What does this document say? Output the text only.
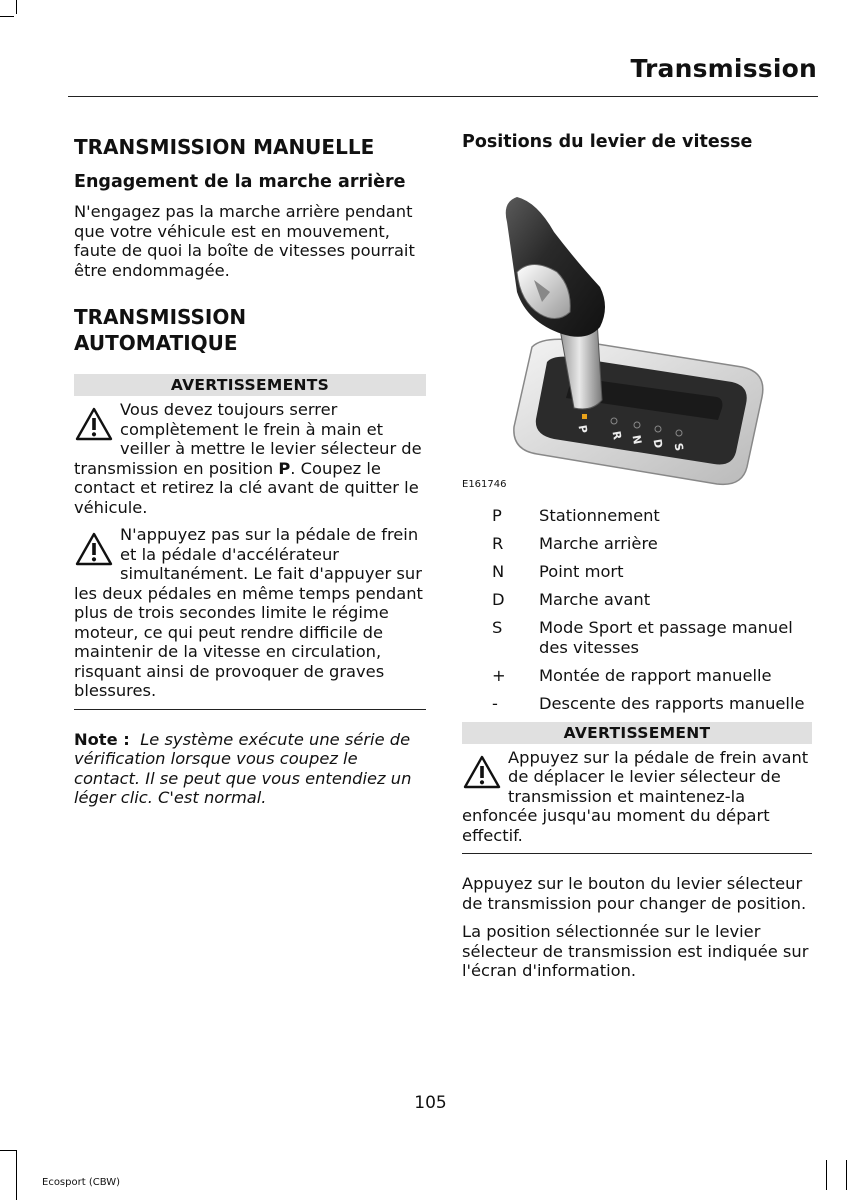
Transmission
TRANSMISSION MANUELLE
Engagement de la marche arrière

N'engagez pas la marche arrière pendant que votre véhicule est en mouvement, faute de quoi la boîte de vitesses pourrait être endommagée.

TRANSMISSION
AUTOMATIQUE
AVERTISSEMENTS
Vous devez toujours serrer complètement le frein à main et veiller à mettre le levier sélecteur de transmission en position P. Coupez le contact et retirez la clé avant de quitter le véhicule.
N'appuyez pas sur la pédale de frein et la pédale d'accélérateur simultanément. Le fait d'appuyer sur les deux pédales en même temps pendant plus de trois secondes limite le régime moteur, ce qui peut rendre difficile de maintenir de la vitesse en circulation, risquant ainsi de provoquer de graves blessures.
Note : Le système exécute une série de vérification lorsque vous coupez le contact. Il se peut que vous entendiez un léger clic. C'est normal.
Positions du levier de vitesse
P
R N D S
E161746
P	Stationnement
R	Marche arrière
N	Point mort
D	Marche avant
S	Mode Sport et passage manuel des vitesses
+	Montée de rapport manuelle
-	Descente des rapports manuelle
AVERTISSEMENT
Appuyez sur la pédale de frein avant de déplacer le levier sélecteur de transmission et maintenez-la enfoncée jusqu'au moment du départ effectif.

Appuyez sur le bouton du levier sélecteur de transmission pour changer de position.

La position sélectionnée sur le levier sélecteur de transmission est indiquée sur l'écran d'information.

105
Ecosport (CBW)
